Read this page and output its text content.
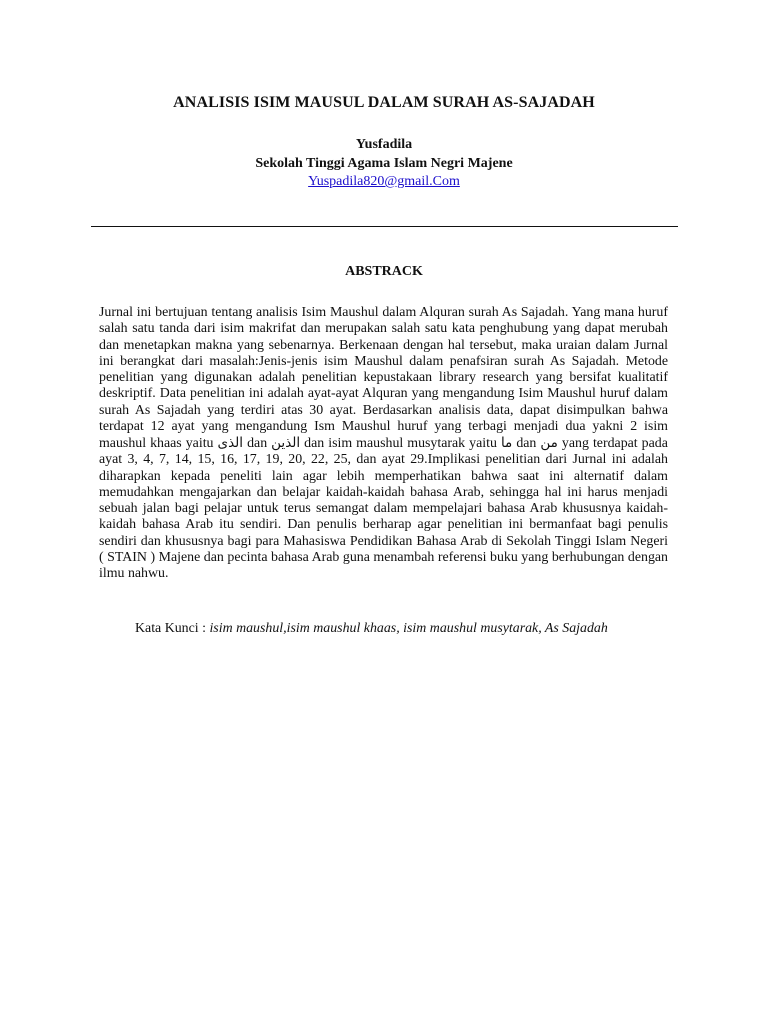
ANALISIS ISIM MAUSUL DALAM SURAH AS-SAJADAH
Yusfadila
Sekolah Tinggi Agama Islam Negri Majene
Yuspadila820@gmail.Com
ABSTRACK

Jurnal ini bertujuan tentang analisis Isim Maushul dalam Alquran surah As Sajadah. Yang mana huruf salah satu tanda dari isim makrifat dan merupakan salah satu kata penghubung yang dapat merubah dan menetapkan makna yang sebenarnya. Berkenaan dengan hal tersebut, maka uraian dalam Jurnal ini berangkat dari masalah:Jenis-jenis isim Maushul dalam penafsiran surah As Sajadah. Metode penelitian yang digunakan adalah penelitian kepustakaan library research yang bersifat kualitatif deskriptif. Data penelitian ini adalah ayat-ayat Alquran yang mengandung Isim Maushul huruf dalam surah As Sajadah yang terdiri atas 30 ayat. Berdasarkan analisis data, dapat disimpulkan bahwa terdapat 12 ayat yang mengandung Ism Maushul huruf yang terbagi menjadi dua yakni 2 isim maushul khaas yaitu الذى dan الذين dan isim maushul musytarak yaitu ما dan من yang terdapat pada ayat 3, 4, 7, 14, 15, 16, 17, 19, 20, 22, 25, dan ayat 29.Implikasi penelitian dari Jurnal ini adalah diharapkan kepada peneliti lain agar lebih memperhatikan bahwa saat ini alternatif dalam memudahkan mengajarkan dan belajar kaidah-kaidah bahasa Arab, sehingga hal ini harus menjadi sebuah jalan bagi pelajar untuk terus semangat dalam mempelajari bahasa Arab khususnya kaidah-kaidah bahasa Arab itu sendiri. Dan penulis berharap agar penelitian ini bermanfaat bagi penulis sendiri dan khususnya bagi para Mahasiswa Pendidikan Bahasa Arab di Sekolah Tinggi Islam Negeri ( STAIN ) Majene dan pecinta bahasa Arab guna menambah referensi buku yang berhubungan dengan ilmu nahwu.

Kata Kunci : isim maushul,isim maushul khaas, isim maushul musytarak, As Sajadah
